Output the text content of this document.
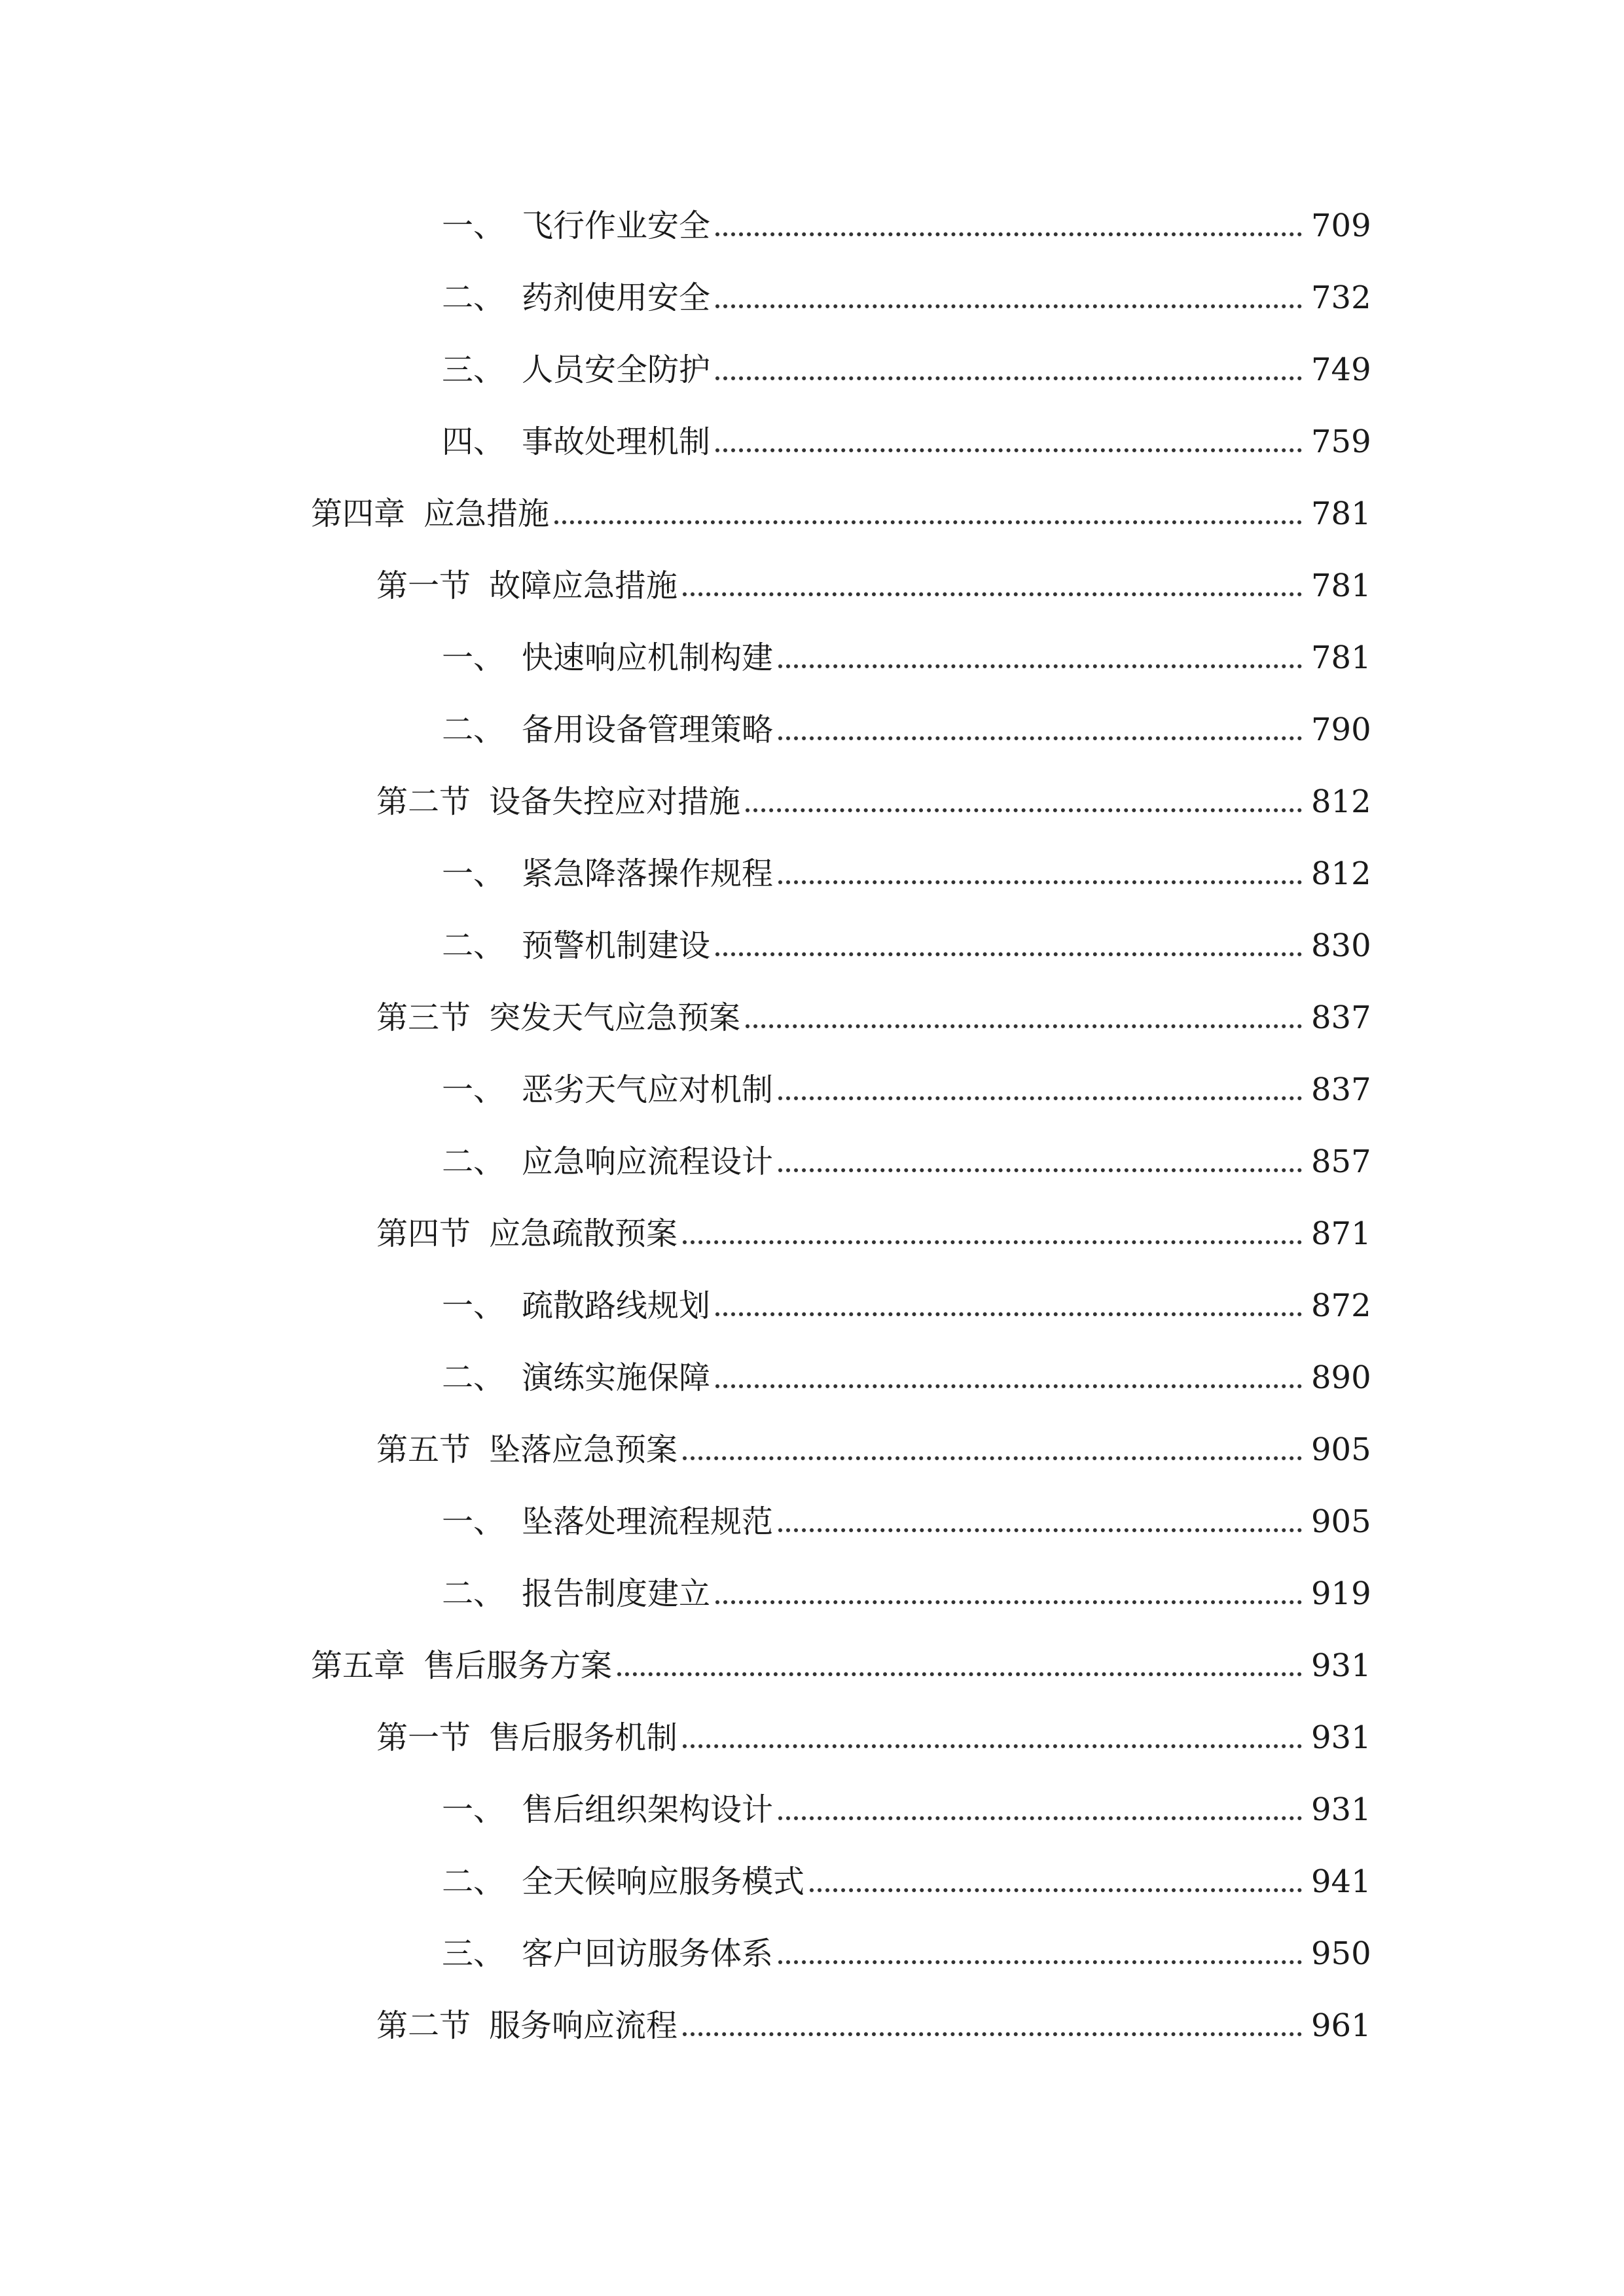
一、 飞行作业安全	709
二、 药剂使用安全	732
三、 人员安全防护	749
四、 事故处理机制	759
第四章 应急措施	781
第一节 故障应急措施	781
一、 快速响应机制构建	781
二、 备用设备管理策略	790
第二节 设备失控应对措施	812
一、 紧急降落操作规程	812
二、 预警机制建设	830
第三节 突发天气应急预案	837
一、 恶劣天气应对机制	837
二、 应急响应流程设计	857
第四节 应急疏散预案	871
一、 疏散路线规划	872
二、 演练实施保障	890
第五节 坠落应急预案	905
一、 坠落处理流程规范	905
二、 报告制度建立	919
第五章 售后服务方案	931
第一节 售后服务机制	931
一、 售后组织架构设计	931
二、 全天候响应服务模式	941
三、 客户回访服务体系	950
第二节 服务响应流程	961
